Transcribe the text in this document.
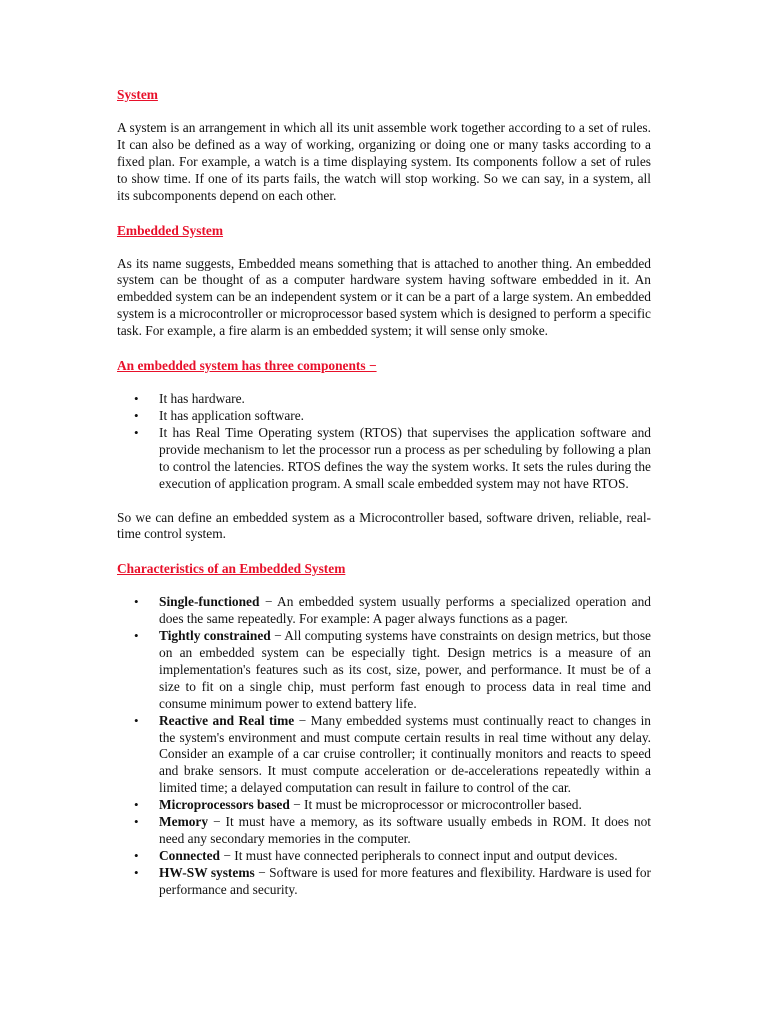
System

A system is an arrangement in which all its unit assemble work together according to a set of rules. It can also be defined as a way of working, organizing or doing one or many tasks according to a fixed plan. For example, a watch is a time displaying system. Its components follow a set of rules to show time. If one of its parts fails, the watch will stop working. So we can say, in a system, all its subcomponents depend on each other.

Embedded System

As its name suggests, Embedded means something that is attached to another thing. An embedded system can be thought of as a computer hardware system having software embedded in it. An embedded system can be an independent system or it can be a part of a large system. An embedded system is a microcontroller or microprocessor based system which is designed to perform a specific task. For example, a fire alarm is an embedded system; it will sense only smoke.

An embedded system has three components −
• It has hardware.
• It has application software.
• It has Real Time Operating system (RTOS) that supervises the application software and provide mechanism to let the processor run a process as per scheduling by following a plan to control the latencies. RTOS defines the way the system works. It sets the rules during the execution of application program. A small scale embedded system may not have RTOS.

So we can define an embedded system as a Microcontroller based, software driven, reliable, real-time control system.

Characteristics of an Embedded System
• Single-functioned − An embedded system usually performs a specialized operation and does the same repeatedly. For example: A pager always functions as a pager.
• Tightly constrained − All computing systems have constraints on design metrics, but those on an embedded system can be especially tight. Design metrics is a measure of an implementation's features such as its cost, size, power, and performance. It must be of a size to fit on a single chip, must perform fast enough to process data in real time and consume minimum power to extend battery life.
• Reactive and Real time − Many embedded systems must continually react to changes in the system's environment and must compute certain results in real time without any delay. Consider an example of a car cruise controller; it continually monitors and reacts to speed and brake sensors. It must compute acceleration or de-accelerations repeatedly within a limited time; a delayed computation can result in failure to control of the car.
• Microprocessors based − It must be microprocessor or microcontroller based.
• Memory − It must have a memory, as its software usually embeds in ROM. It does not need any secondary memories in the computer.
• Connected − It must have connected peripherals to connect input and output devices.
• HW-SW systems − Software is used for more features and flexibility. Hardware is used for performance and security.
